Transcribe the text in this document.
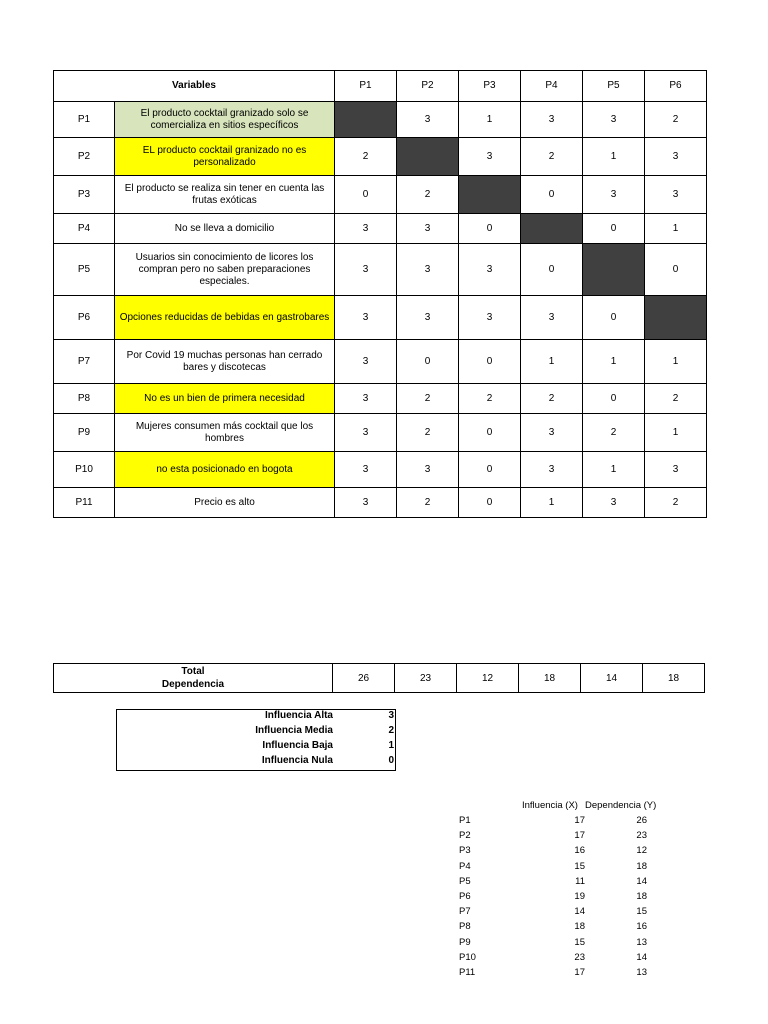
Variables		P1	P2	P3	P4	P5	P6
P1	El producto cocktail granizado solo se comercializa en sitios específicos		3	1	3	3	2
P2	EL producto cocktail granizado no es personalizado	2		3	2	1	3
P3	El producto se realiza sin tener en cuenta las frutas exóticas	0	2		0	3	3
P4	No se lleva a domicilio	3	3	0		0	1
P5	Usuarios sin conocimiento de licores los compran pero no saben preparaciones especiales.	3	3	3	0		0
P6	Opciones reducidas de bebidas en gastrobares	3	3	3	3	0	
P7	Por Covid 19 muchas personas han cerrado bares y discotecas	3	0	0	1	1	1
P8	No es un bien de primera necesidad	3	2	2	2	0	2
P9	Mujeres consumen más cocktail que los hombres	3	2	0	3	2	1
P10	no esta posicionado en bogota	3	3	0	3	1	3
P11	Precio es alto	3	2	0	1	3	2
Total
Dependencia	26	23	12	18	14	18
Influencia Alta	3
Influencia Media	2
Influencia Baja	1
Influencia Nula	0
Influencia (X) Dependencia (Y)
P1	17	26
P2	17	23
P3	16	12
P4	15	18
P5	11	14
P6	19	18
P7	14	15
P8	18	16
P9	15	13
P10	23	14
P11	17	13
